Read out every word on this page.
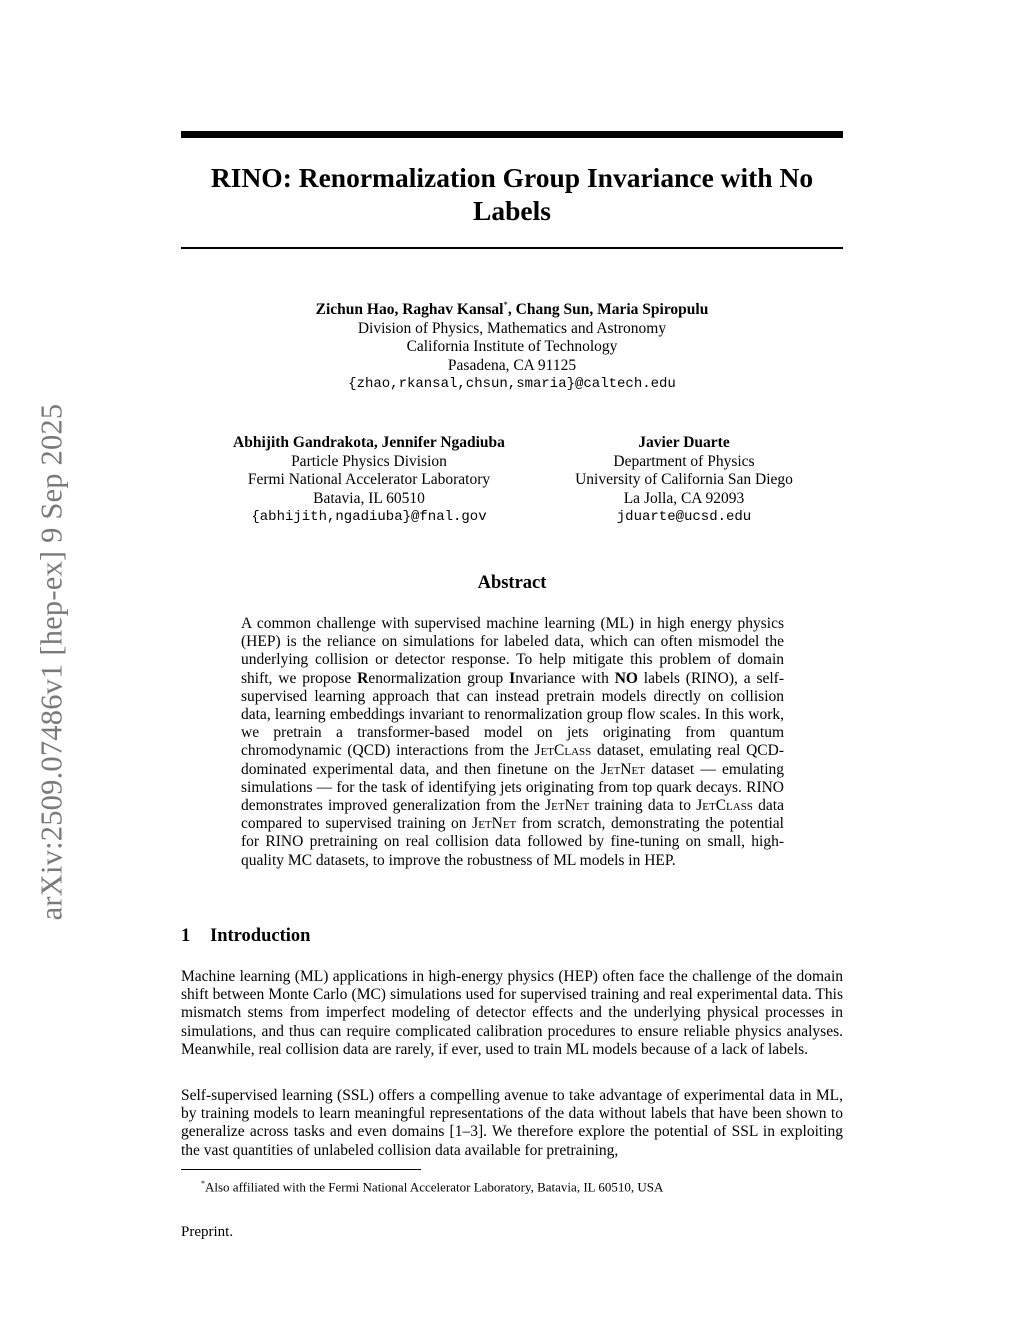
arXiv:2509.07486v1 [hep-ex] 9 Sep 2025
RINO: Renormalization Group Invariance with No Labels
Zichun Hao, Raghav Kansal*, Chang Sun, Maria Spiropulu
Division of Physics, Mathematics and Astronomy
California Institute of Technology
Pasadena, CA 91125
{zhao,rkansal,chsun,smaria}@caltech.edu
Abhijith Gandrakota, Jennifer Ngadiuba
Particle Physics Division
Fermi National Accelerator Laboratory
Batavia, IL 60510
{abhijith,ngadiuba}@fnal.gov
Javier Duarte
Department of Physics
University of California San Diego
La Jolla, CA 92093
jduarte@ucsd.edu
Abstract
A common challenge with supervised machine learning (ML) in high energy physics (HEP) is the reliance on simulations for labeled data, which can often mismodel the underlying collision or detector response. To help mitigate this problem of domain shift, we propose Renormalization group Invariance with NO labels (RINO), a self-supervised learning approach that can instead pretrain models directly on collision data, learning embeddings invariant to renormalization group flow scales. In this work, we pretrain a transformer-based model on jets originating from quantum chromodynamic (QCD) interactions from the JetClass dataset, emulating real QCD-dominated experimental data, and then finetune on the JetNet dataset — emulating simulations — for the task of identifying jets originating from top quark decays. RINO demonstrates improved generalization from the JetNet training data to JetClass data compared to supervised training on JetNet from scratch, demonstrating the potential for RINO pretraining on real collision data followed by fine-tuning on small, high-quality MC datasets, to improve the robustness of ML models in HEP.
1 Introduction
Machine learning (ML) applications in high-energy physics (HEP) often face the challenge of the domain shift between Monte Carlo (MC) simulations used for supervised training and real experimental data. This mismatch stems from imperfect modeling of detector effects and the underlying physical processes in simulations, and thus can require complicated calibration procedures to ensure reliable physics analyses. Meanwhile, real collision data are rarely, if ever, used to train ML models because of a lack of labels.
Self-supervised learning (SSL) offers a compelling avenue to take advantage of experimental data in ML, by training models to learn meaningful representations of the data without labels that have been shown to generalize across tasks and even domains [1–3]. We therefore explore the potential of SSL in exploiting the vast quantities of unlabeled collision data available for pretraining,
*Also affiliated with the Fermi National Accelerator Laboratory, Batavia, IL 60510, USA
Preprint.
